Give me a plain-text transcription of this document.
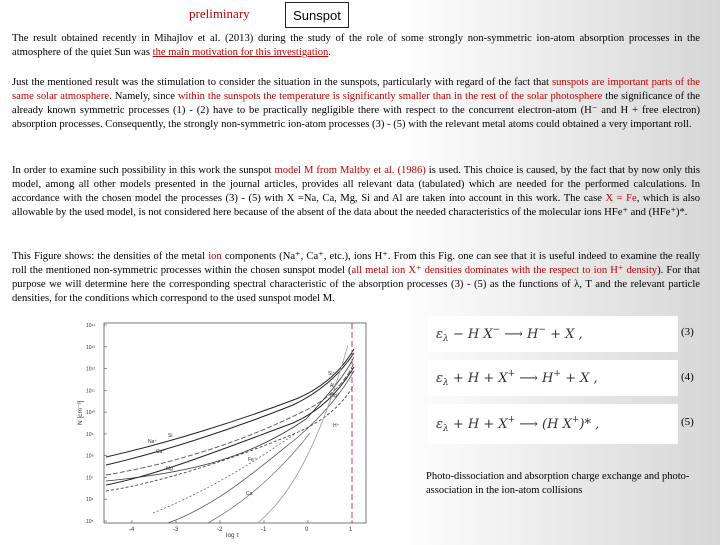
preliminary	Sunspot
The result obtained recently in Mihajlov et al. (2013) during the study of the role of some strongly non-symmetric ion-atom absorption processes in the atmosphere of the quiet Sun was the main motivation for this investigation.
Just the mentioned result was the stimulation to consider the situation in the sunspots, particularly with regard of the fact that sunspots are important parts of the same solar atmosphere. Namely, since within the sunspots the temperature is significantly smaller than in the rest of the solar photosphere the significance of the already known symmetric processes (1) - (2) have to be practically negligible there with respect to the concurrent electron-atom (H⁻ and H + free electron) absorption processes. Consequently, the strongly non-symmetric ion-atom processes (3) - (5) with the relevant metal atoms could obtained a very important roll.
In order to examine such possibility in this work the sunspot model M from Maltby et al. (1986) is used. This choice is caused, by the fact that by now only this model, among all other models presented in the journal articles, provides all relevant data (tabulated) which are needed for the performed calculations. In accordance with the chosen model the processes (3) - (5) with X =Na, Ca, Mg, Si and Al are taken into account in this work. The case X = Fe, which is also allowable by the used model, is not considered here because of the absent of the data about the needed characteristics of the molecular ions HFe⁺ and (HFe⁺)*.
This Figure shows: the densities of the metal ion components (Na⁺, Ca⁺, etc.), ions H⁺. From this Fig. one can see that it is useful indeed to examine the really roll the mentioned non-symmetric processes within the chosen sunspot model (all metal ion X⁺ densities dominates with the respect to ion H⁺ density). For that purpose we will determine here the corresponding spectral characteristic of the absorption processes (3) - (5) as the functions of λ, T and the relevant particle densities, for the conditions which correspond to the used sunspot model M.
10¹⁴
10¹³
10¹²
10¹¹
10¹⁰
10⁹
10⁸
10⁷
10⁶
10⁵
-4	-3	-2	-1	0	1
N [cm⁻³]
log τ
Si⁺
Al⁺
Mg⁺
Na⁺
Ca⁺
Fe⁺
Mg
Si
Ca
H⁺
$\varepsilon_\lambda - H$ X− ⟶ H− + X ,	(3)
$\varepsilon_\lambda + H + X^+$ ⟶ H+ + X ,	(4)
$\varepsilon_\lambda + H + X^+$ ⟶ (H X+)* ,	(5)
Photo-dissociation and absorption charge exchange and photo-association in the ion-atom collisions
